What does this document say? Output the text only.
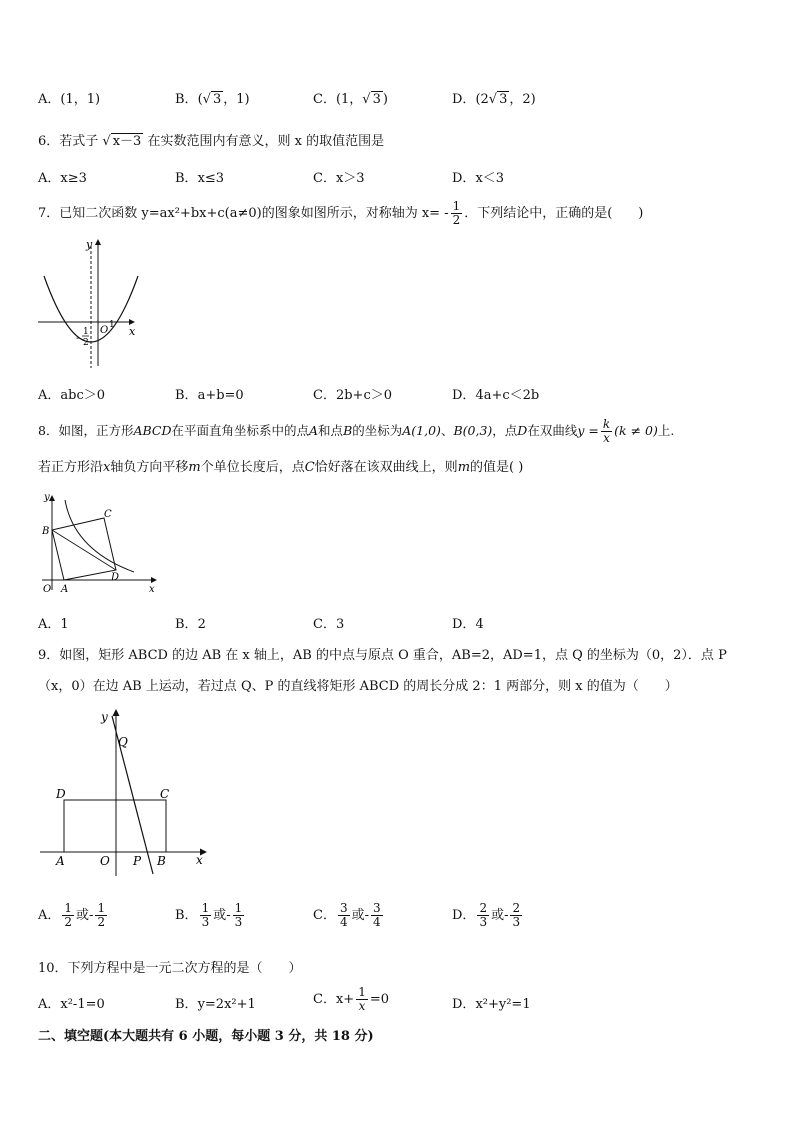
A．(1，1)	B．(√ 3 ，1)	C．(1，√ 3 )	D．(2√ 3 ，2)
6．若式子 √ x－3 在实数范围内有意义，则 x 的取值范围是
A．x≥3	B．x≤3	C．x＞3	D．x＜3
7．已知二次函数 y=ax²+bx+c(a≠0)的图象如图所示，对称轴为 $x= - \frac{1}{2}$ ．下列结论中，正确的是(　　)
y
x
O 1
-
1
2
A．abc＞0	B．a+b=0	C．2b+c＞0	D．4a+c＜2b
8．如图，正方形ABCD在平面直角坐标系中的点A和点B的坐标为A(1,0)、B(0,3)，点D在双曲线$y = \frac{k}{x} (k \ne 0)$上.
若正方形沿x轴负方向平移m个单位长度后，点C恰好落在该双曲线上，则m的值是( )
y
x
O A
B
C
D
A．1	B．2	C．3	D．4
9．如图，矩形 ABCD 的边 AB 在 x 轴上，AB 的中点与原点 O 重合，AB=2，AD=1，点 Q 的坐标为（0，2）．点 P
（x，0）在边 AB 上运动，若过点 Q、P 的直线将矩形 ABCD 的周长分成 2：1 两部分，则 x 的值为（　　）
y
x
Q
D	C
A	O P B
A． $\frac{1}{2}$ 或- $\frac{1}{2}$	B． $\frac{1}{3}$ 或- $\frac{1}{3}$	C． $\frac{3}{4}$ 或- $\frac{3}{4}$	D． $\frac{2}{3}$ 或- $\frac{2}{3}$
10．下列方程中是一元二次方程的是（　　）
A．x²-1=0	B．y=2x²+1	C．$x+ \frac{1}{x} =0$	D．x²+y²=1
二、填空题(本大题共有 6 小题，每小题 3 分，共 18 分)
